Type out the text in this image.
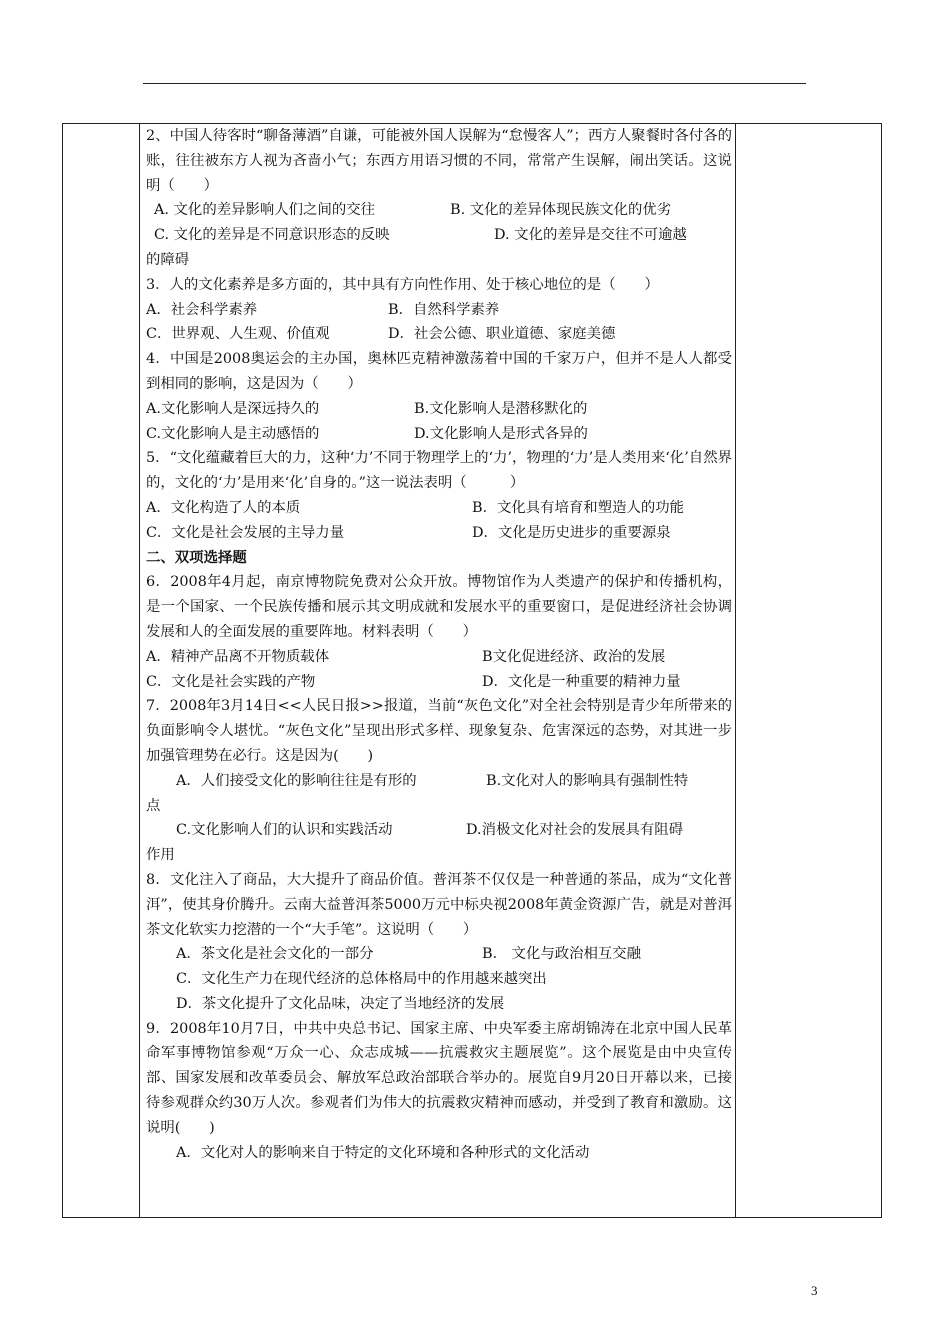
2、中国人待客时“聊备薄酒”自谦，可能被外国人误解为“怠慢客人”；西方人聚餐时各付各的账，往往被东方人视为吝啬小气；东西方用语习惯的不同，常常产生误解，闹出笑话。这说明（　　）

A. 文化的差异影响人们之间的交往	B. 文化的差异体现民族文化的优劣

C. 文化的差异是不同意识形态的反映	D. 文化的差异是交往不可逾越

的障碍

3．人的文化素养是多方面的，其中具有方向性作用、处于核心地位的是（　　）

A．社会科学素养	B．自然科学素养

C．世界观、人生观、价值观	D．社会公德、职业道德、家庭美德

4．中国是2008奥运会的主办国，奥林匹克精神激荡着中国的千家万户，但并不是人人都受到相同的影响，这是因为（　　）

A.文化影响人是深远持久的	B.文化影响人是潜移默化的

C.文化影响人是主动感悟的	D.文化影响人是形式各异的

5．“文化蕴藏着巨大的力，这种‘力’不同于物理学上的‘力’，物理的‘力’是人类用来‘化’自然界的，文化的‘力’是用来‘化’自身的。”这一说法表明（　　　）

A．文化构造了人的本质	B．文化具有培育和塑造人的功能

C．文化是社会发展的主导力量	D．文化是历史进步的重要源泉

二、双项选择题

6．2008年4月起，南京博物院免费对公众开放。博物馆作为人类遗产的保护和传播机构，是一个国家、一个民族传播和展示其文明成就和发展水平的重要窗口，是促进经济社会协调发展和人的全面发展的重要阵地。材料表明（　　）

A．精神产品离不开物质载体	B文化促进经济、政治的发展

C．文化是社会实践的产物	D．文化是一种重要的精神力量

7．2008年3月14日<<人民日报>>报道，当前“灰色文化”对全社会特别是青少年所带来的负面影响令人堪忧。“灰色文化”呈现出形式多样、现象复杂、危害深远的态势，对其进一步加强管理势在必行。这是因为(　　)

A．人们接受文化的影响往往是有形的	B.文化对人的影响具有强制性特

点

C.文化影响人们的认识和实践活动	D.消极文化对社会的发展具有阻碍

作用

8．文化注入了商品，大大提升了商品价值。普洱茶不仅仅是一种普通的茶品，成为“文化普洱”，使其身价腾升。云南大益普洱茶5000万元中标央视2008年黄金资源广告，就是对普洱茶文化软实力挖潜的一个“大手笔”。这说明（　　）

A．茶文化是社会文化的一部分	B． 文化与政治相互交融

C．文化生产力在现代经济的总体格局中的作用越来越突出

D．茶文化提升了文化品味，决定了当地经济的发展

9．2008年10月7日，中共中央总书记、国家主席、中央军委主席胡锦涛在北京中国人民革命军事博物馆参观“万众一心、众志成城——抗震救灾主题展览”。这个展览是由中央宣传部、国家发展和改革委员会、解放军总政治部联合举办的。展览自9月20日开幕以来，已接待参观群众约30万人次。参观者们为伟大的抗震救灾精神而感动，并受到了教育和激励。这说明(　　)

A．文化对人的影响来自于特定的文化环境和各种形式的文化活动

3
